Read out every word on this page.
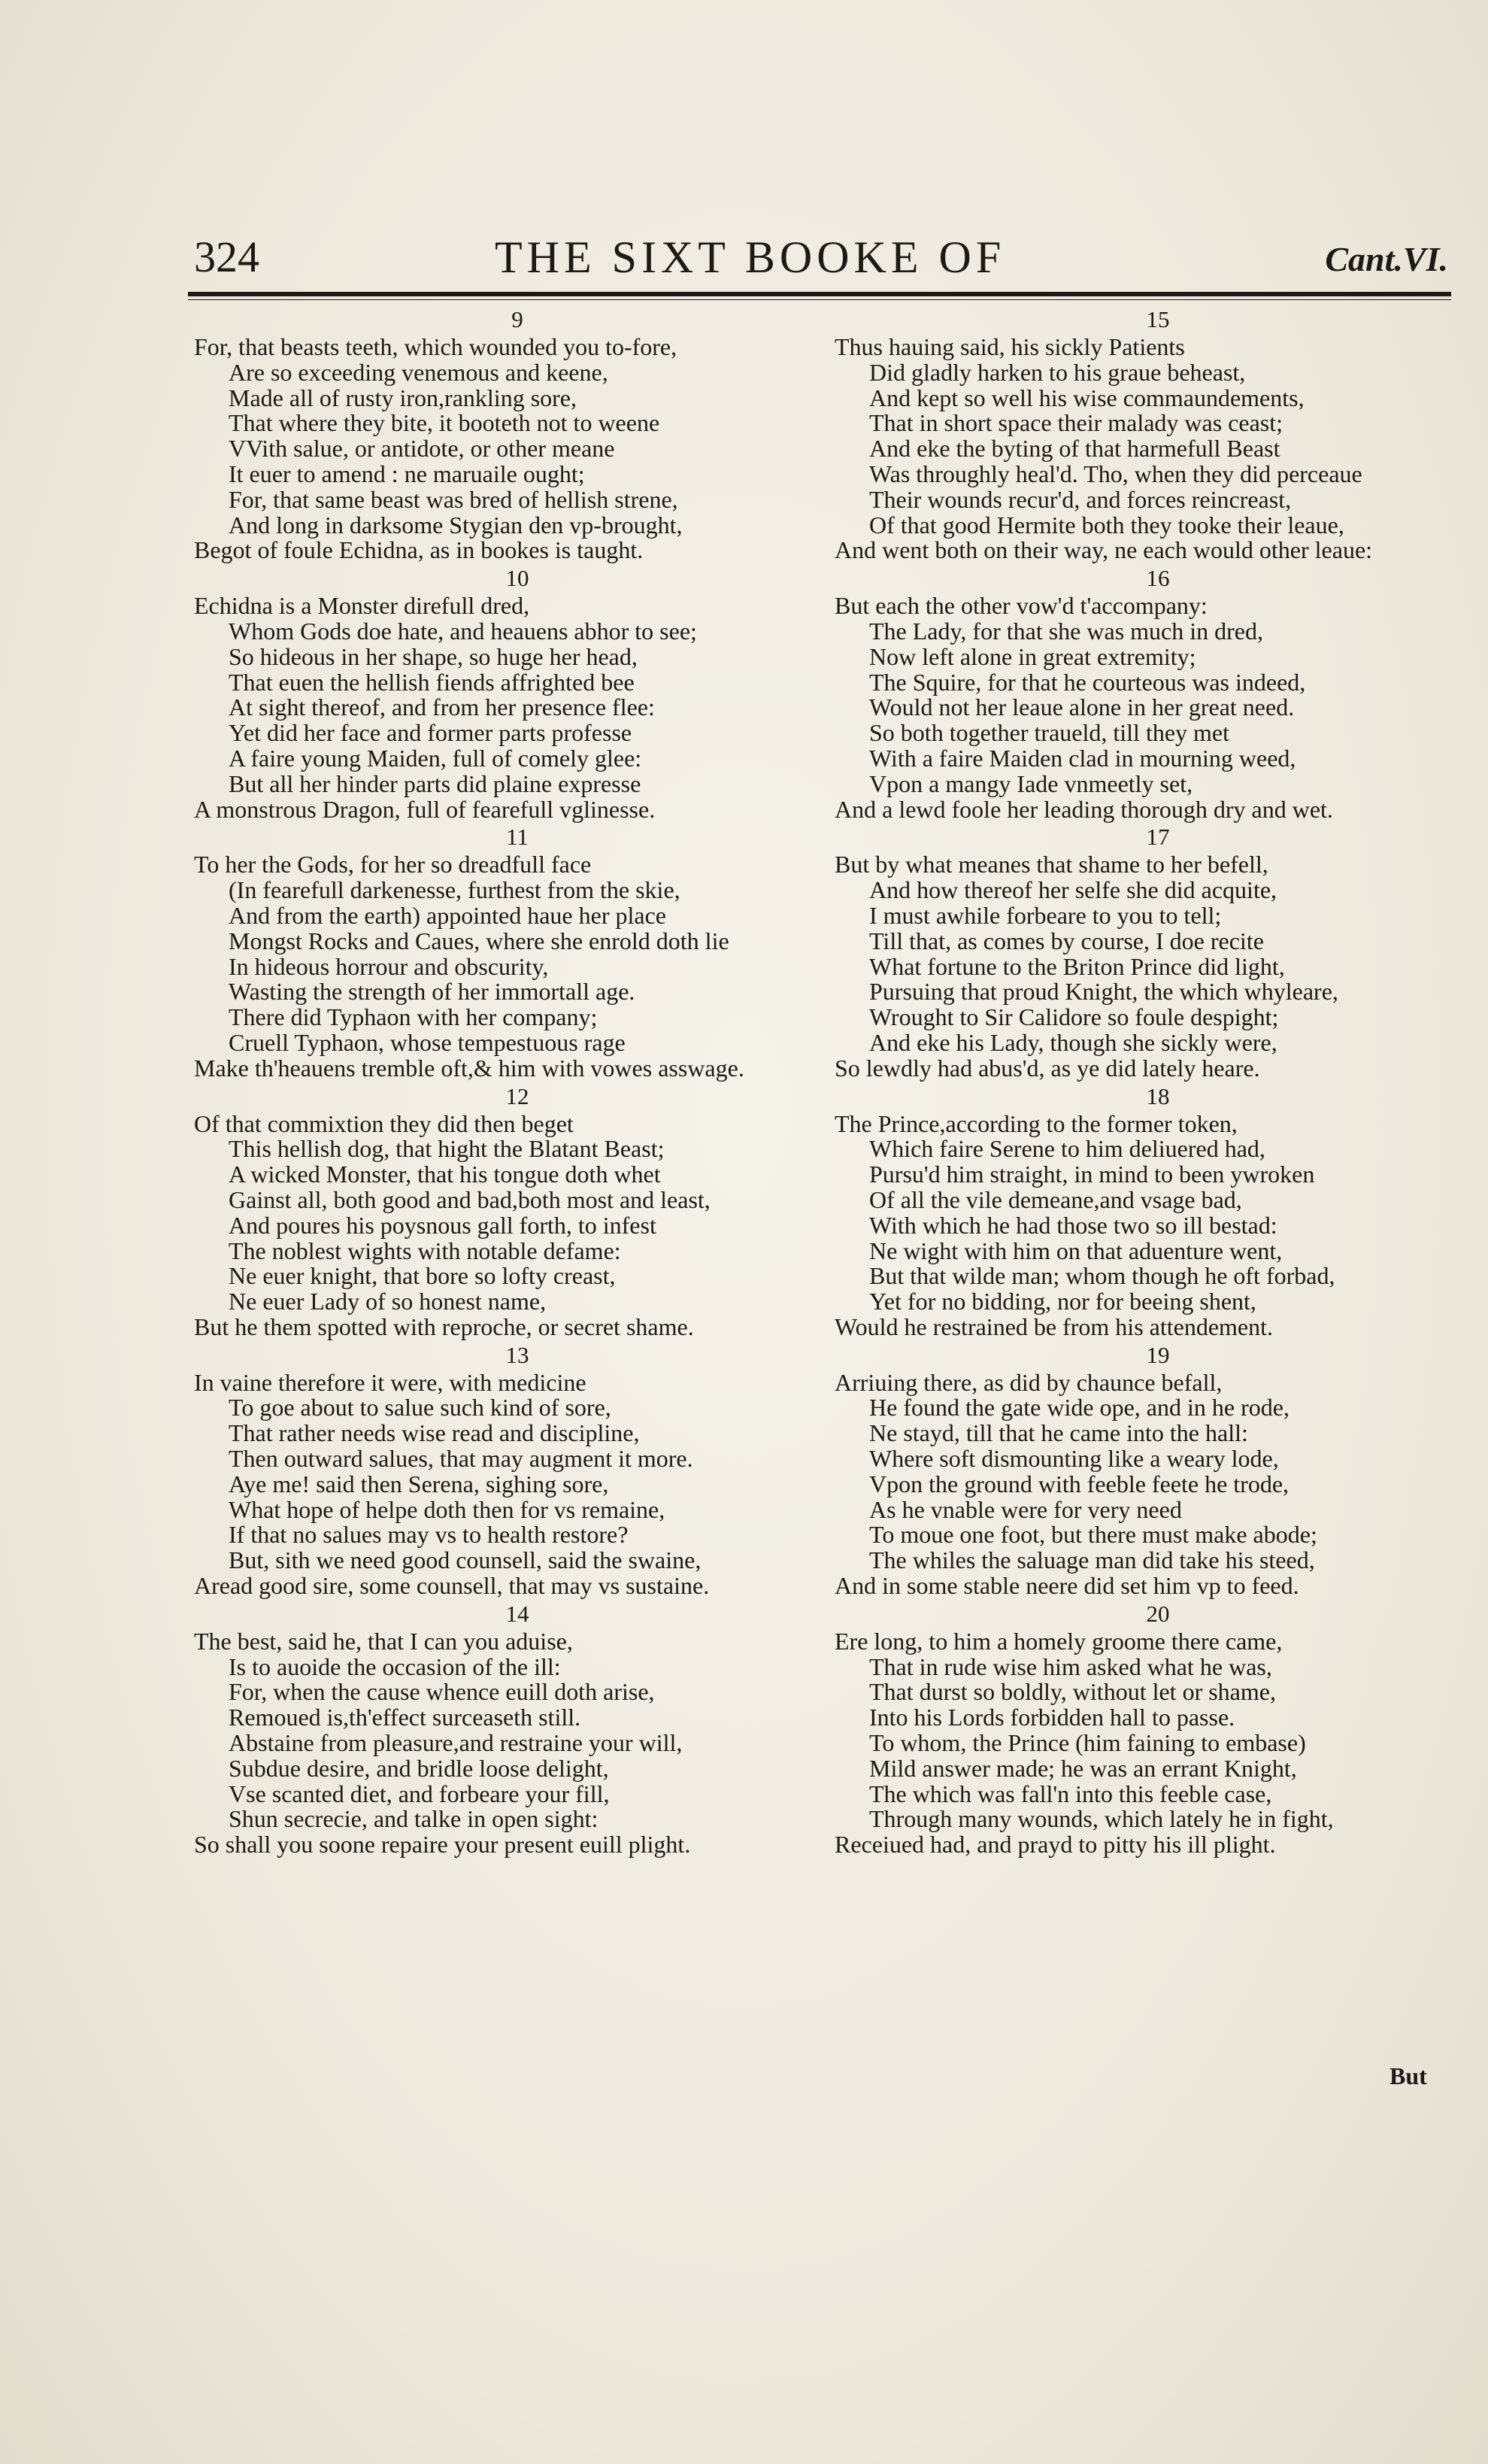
324	THE SIXT BOOKE OF	Cant.VI.
9
For, that beasts teeth, which wounded you to-fore,
Are so exceeding venemous and keene,
Made all of rusty iron,rankling sore,
That where they bite, it booteth not to weene
VVith salue, or antidote, or other meane
It euer to amend : ne maruaile ought;
For, that same beast was bred of hellish strene,
And long in darksome Stygian den vp-brought,
Begot of foule Echidna, as in bookes is taught.
10
Echidna is a Monster direfull dred,
Whom Gods doe hate, and heauens abhor to see;
So hideous in her shape, so huge her head,
That euen the hellish fiends affrighted bee
At sight thereof, and from her presence flee:
Yet did her face and former parts professe
A faire young Maiden, full of comely glee:
But all her hinder parts did plaine expresse
A monstrous Dragon, full of fearefull vglinesse.
11
To her the Gods, for her so dreadfull face
(In fearefull darkenesse, furthest from the skie,
And from the earth) appointed haue her place
Mongst Rocks and Caues, where she enrold doth lie
In hideous horrour and obscurity,
Wasting the strength of her immortall age.
There did Typhaon with her company;
Cruell Typhaon, whose tempestuous rage
Make th'heauens tremble oft,& him with vowes asswage.
12
Of that commixtion they did then beget
This hellish dog, that hight the Blatant Beast;
A wicked Monster, that his tongue doth whet
Gainst all, both good and bad,both most and least,
And poures his poysnous gall forth, to infest
The noblest wights with notable defame:
Ne euer knight, that bore so lofty creast,
Ne euer Lady of so honest name,
But he them spotted with reproche, or secret shame.
13
In vaine therefore it were, with medicine
To goe about to salue such kind of sore,
That rather needs wise read and discipline,
Then outward salues, that may augment it more.
Aye me! said then Serena, sighing sore,
What hope of helpe doth then for vs remaine,
If that no salues may vs to health restore?
But, sith we need good counsell, said the swaine,
Aread good sire, some counsell, that may vs sustaine.
14
The best, said he, that I can you aduise,
Is to auoide the occasion of the ill:
For, when the cause whence euill doth arise,
Remoued is,th'effect surceaseth still.
Abstaine from pleasure,and restraine your will,
Subdue desire, and bridle loose delight,
Vse scanted diet, and forbeare your fill,
Shun secrecie, and talke in open sight:
So shall you soone repaire your present euill plight.
15
Thus hauing said, his sickly Patients
Did gladly harken to his graue beheast,
And kept so well his wise commaundements,
That in short space their malady was ceast;
And eke the byting of that harmefull Beast
Was throughly heal'd. Tho, when they did perceaue
Their wounds recur'd, and forces reincreast,
Of that good Hermite both they tooke their leaue,
And went both on their way, ne each would other leaue:
16
But each the other vow'd t'accompany:
The Lady, for that she was much in dred,
Now left alone in great extremity;
The Squire, for that he courteous was indeed,
Would not her leaue alone in her great need.
So both together traueld, till they met
With a faire Maiden clad in mourning weed,
Vpon a mangy Iade vnmeetly set,
And a lewd foole her leading thorough dry and wet.
17
But by what meanes that shame to her befell,
And how thereof her selfe she did acquite,
I must awhile forbeare to you to tell;
Till that, as comes by course, I doe recite
What fortune to the Briton Prince did light,
Pursuing that proud Knight, the which whyleare,
Wrought to Sir Calidore so foule despight;
And eke his Lady, though she sickly were,
So lewdly had abus'd, as ye did lately heare.
18
The Prince,according to the former token,
Which faire Serene to him deliuered had,
Pursu'd him straight, in mind to been ywroken
Of all the vile demeane,and vsage bad,
With which he had those two so ill bestad:
Ne wight with him on that aduenture went,
But that wilde man; whom though he oft forbad,
Yet for no bidding, nor for beeing shent,
Would he restrained be from his attendement.
19
Arriuing there, as did by chaunce befall,
He found the gate wide ope, and in he rode,
Ne stayd, till that he came into the hall:
Where soft dismounting like a weary lode,
Vpon the ground with feeble feete he trode,
As he vnable were for very need
To moue one foot, but there must make abode;
The whiles the saluage man did take his steed,
And in some stable neere did set him vp to feed.
20
Ere long, to him a homely groome there came,
That in rude wise him asked what he was,
That durst so boldly, without let or shame,
Into his Lords forbidden hall to passe.
To whom, the Prince (him faining to embase)
Mild answer made; he was an errant Knight,
The which was fall'n into this feeble case,
Through many wounds, which lately he in fight,
Receiued had, and prayd to pitty his ill plight.
But
